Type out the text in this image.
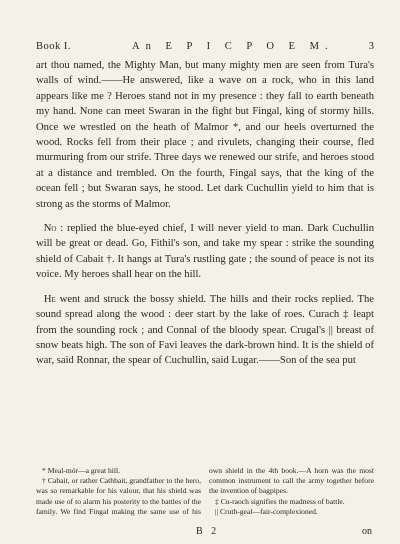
Book I.	An E P I C P O E M.	3

art thou named, the Mighty Man, but many mighty men are seen from Tura's walls of wind.——He answered, like a wave on a rock, who in this land appears like me ? Heroes stand not in my presence : they fall to earth beneath my hand. None can meet Swaran in the fight but Fingal, king of stormy hills. Once we wrestled on the heath of Malmor *, and our heels overturned the wood. Rocks fell from their place ; and rivulets, changing their course, fled murmuring from our strife. Three days we renewed our strife, and heroes stood at a distance and trembled. On the fourth, Fingal says, that the king of the ocean fell ; but Swaran says, he stood. Let dark Cuchullin yield to him that is strong as the storms of Malmor.

No : replied the blue-eyed chief, I will never yield to man. Dark Cuchullin will be great or dead. Go, Fithil's son, and take my spear : strike the sounding shield of Cabait †. It hangs at Tura's rustling gate ; the sound of peace is not its voice. My heroes shall hear on the hill.

He went and struck the bossy shield. The hills and their rocks replied. The sound spread along the wood : deer start by the lake of roes. Curach ‡ leapt from the sounding rock ; and Connal of the bloody spear. Crugal's || breast of snow beats high. The son of Favi leaves the dark-brown hind. It is the shield of war, said Ronnar, the spear of Cuchullin, said Lugar.——Son of the sea put

* Meal-mór—a great hill.

† Cabait, or rather Cathbait, grandfather to the hero, was so remarkable for his valour, that his shield was made use of to alarm his posterity to the battles of the family. We find Fingal making the same use of his own shield in the 4th book.—A horn was the most common instrument to call the army together before the invention of bagpipes.

‡ Cu-raoch signifies the madness of battle.

|| Cruth-geal—fair-complexioned.

B 2	on
